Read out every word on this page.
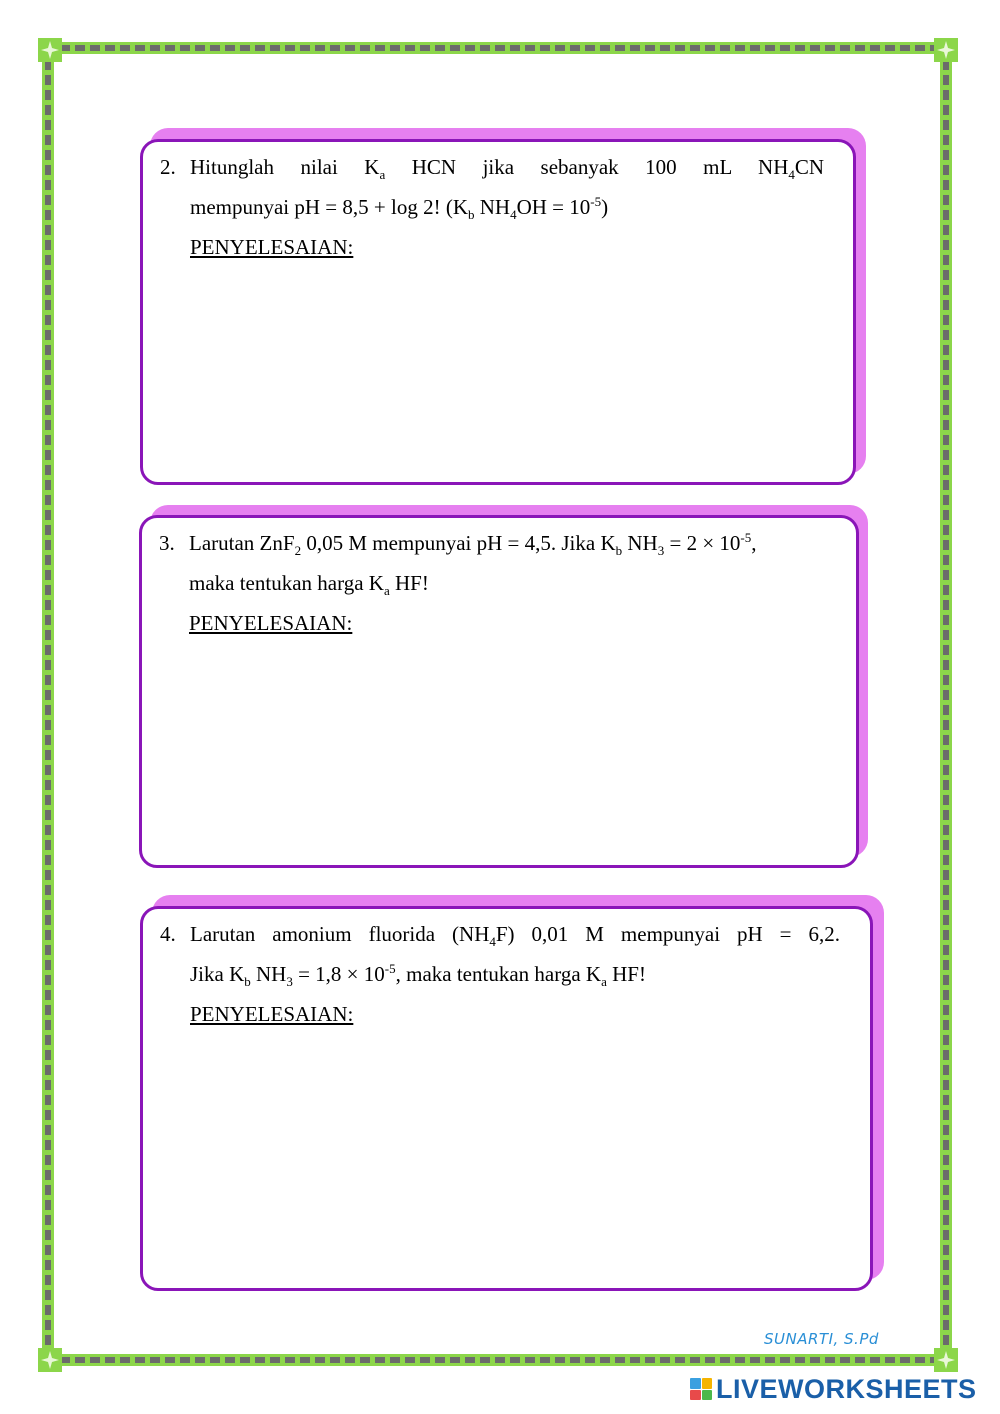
2. Hitunglah nilai $K_a$ HCN jika sebanyak 100 mL $NH_4CN$
mempunyai pH = 8,5 + log 2! ($K_b$ $NH_4OH = 10^{-5}$)
PENYELESAIAN:
3. Larutan ZnF$_2$ 0,05 M mempunyai pH = 4,5. Jika $K_b$ $NH_3 = 2 \times 10^{-5}$,
maka tentukan harga $K_a$ HF!
PENYELESAIAN:
4. Larutan amonium fluorida $(NH_4F)$ 0,01 M mempunyai pH = 6,2.
Jika $K_b$ $NH_3 = 1,8 \times 10^{-5}$, maka tentukan harga $K_a$ HF!
PENYELESAIAN:
SUNARTI, S.Pd
LIVEWORKSHEETS
